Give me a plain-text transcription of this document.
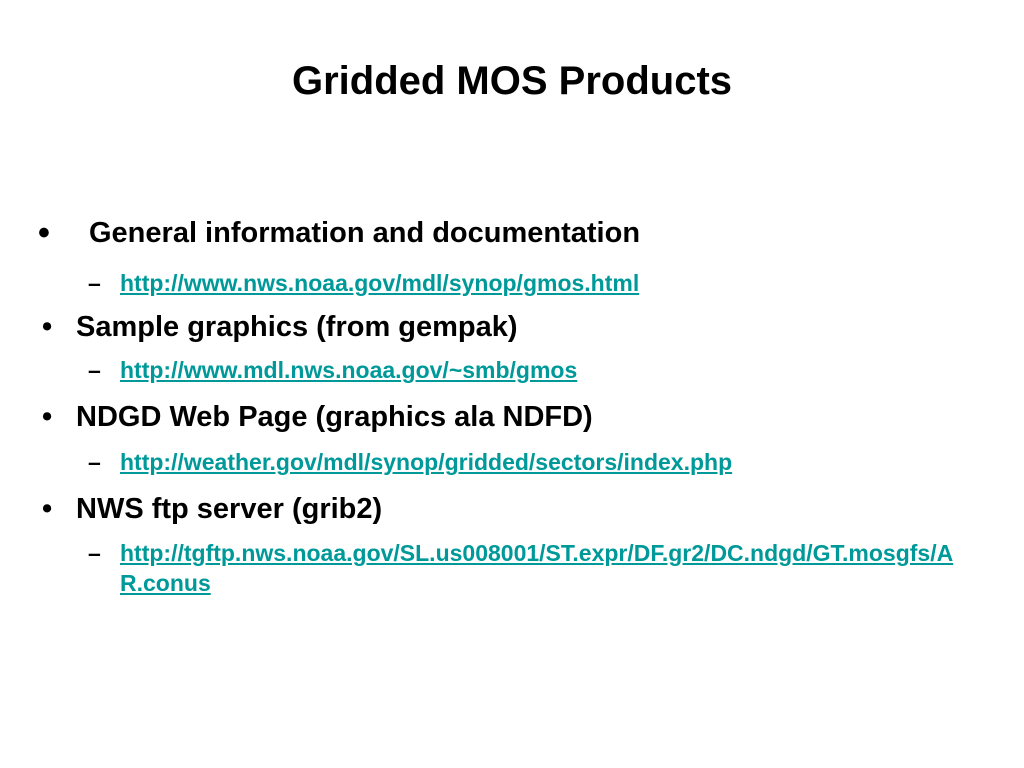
Gridded MOS Products
• General information and documentation
– http://www.nws.noaa.gov/mdl/synop/gmos.html
• Sample graphics (from gempak)
– http://www.mdl.nws.noaa.gov/~smb/gmos
• NDGD Web Page (graphics ala NDFD)
– http://weather.gov/mdl/synop/gridded/sectors/index.php
• NWS ftp server (grib2)
– http://tgftp.nws.noaa.gov/SL.us008001/ST.expr/DF.gr2/DC.ndgd/GT.mosgfs/AR.conus
